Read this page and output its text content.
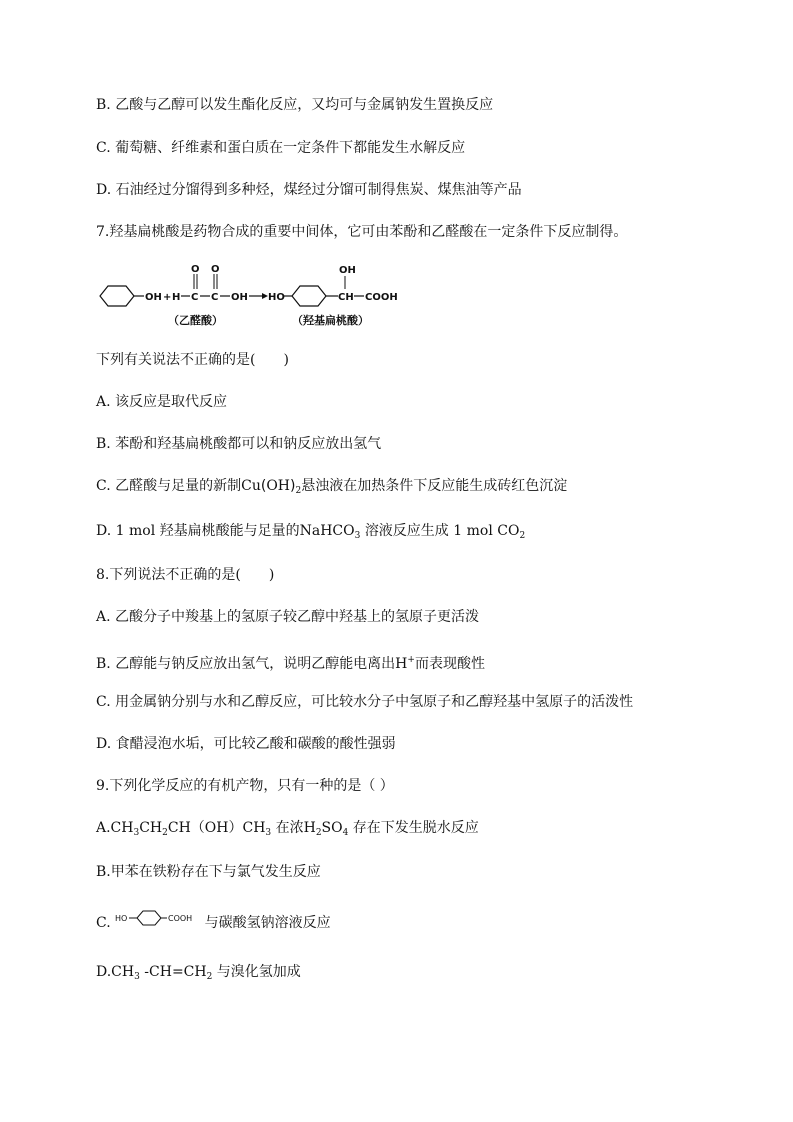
B. 乙酸与乙醇可以发生酯化反应，又均可与金属钠发生置换反应
C. 葡萄糖、纤维素和蛋白质在一定条件下都能发生水解反应
D. 石油经过分馏得到多种烃，煤经过分馏可制得焦炭、煤焦油等产品
7.羟基扁桃酸是药物合成的重要中间体，它可由苯酚和乙醛酸在一定条件下反应制得。
OH + H C
O
C
O
OH HO	CH
OH
COOH
（乙醛酸）	（羟基扁桃酸）
下列有关说法不正确的是(　　)
A. 该反应是取代反应
B. 苯酚和羟基扁桃酸都可以和钠反应放出氢气
C. 乙醛酸与足量的新制$Cu(OH)_2$悬浊液在加热条件下反应能生成砖红色沉淀
D. 1 mol 羟基扁桃酸能与足量的NaHCO$_3$ 溶液反应生成 1 mol $CO_2$
8.下列说法不正确的是(　　)
A. 乙酸分子中羧基上的氢原子较乙醇中羟基上的氢原子更活泼
B. 乙醇能与钠反应放出氢气，说明乙醇能电离出H+而表现酸性
C. 用金属钠分别与水和乙醇反应，可比较水分子中氢原子和乙醇羟基中氢原子的活泼性
D. 食醋浸泡水垢，可比较乙酸和碳酸的酸性强弱
9.下列化学反应的有机产物，只有一种的是（ ）
$A.CH_3CH_2CH(OH)CH_3$ 在浓$H_2SO_4$ 存在下发生脱水反应
B.甲苯在铁粉存在下与氯气发生反应
C. HO	COOH 与碳酸氢钠溶液反应
$D.CH_3$ $-CH=CH_2$ 与溴化氢加成
